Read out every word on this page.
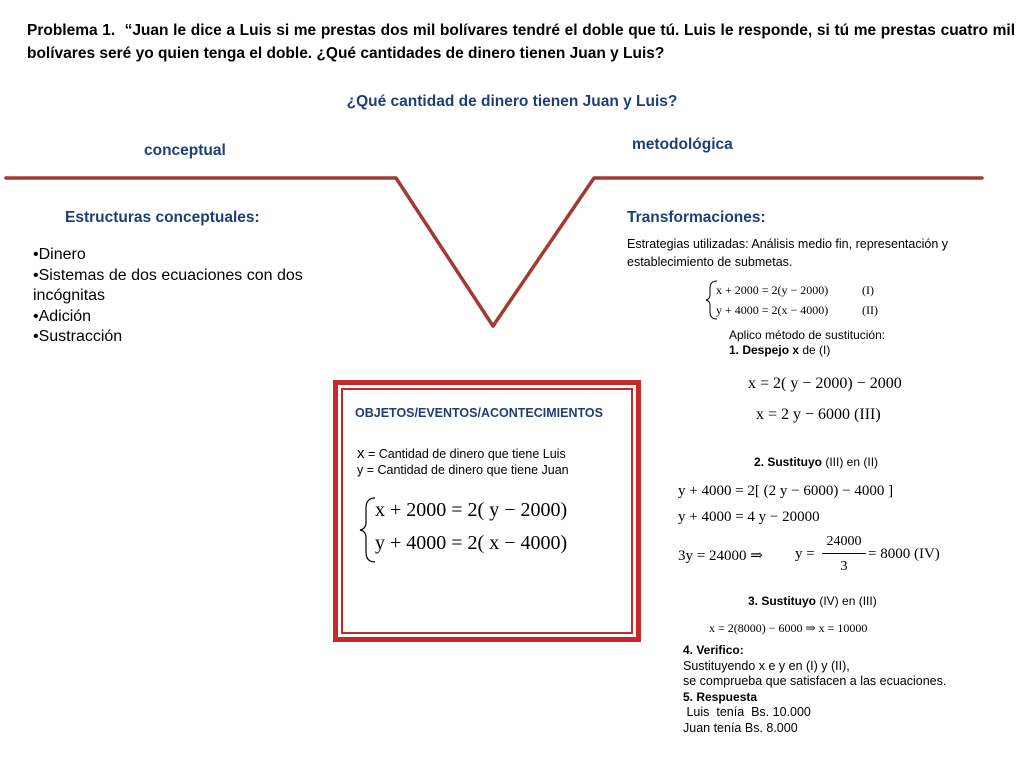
Problema 1. “Juan le dice a Luis si me prestas dos mil bolívares tendré el doble que tú. Luis le responde, si tú me prestas cuatro mil bolívares seré yo quien tenga el doble. ¿Qué cantidades de dinero tienen Juan y Luis?
¿Qué cantidad de dinero tienen Juan y Luis?
conceptual	metodológica
Estructuras conceptuales:
•Dinero
•Sistemas de dos ecuaciones con dos incógnitas
•Adición
•Sustracción
Transformaciones:
Estrategias utilizadas: Análisis medio fin, representación y establecimiento de submetas.
x + 2000 = 2(y − 2000)	(I)
y + 4000 = 2(x − 4000)	(II)
Aplico método de sustitución:
1. Despejo x de (I)
x = 2( y − 2000) − 2000
x = 2 y − 6000 (III)
2. Sustituyo (III) en (II)
y + 4000 = 2[ (2 y − 6000) − 4000 ]
y + 4000 = 4 y − 20000
3y = 24000 ⇒ y =
24000
3
= 8000 (IV)
3. Sustituyo (IV) en (III)
x = 2(8000) − 6000 ⇒ x = 10000
4. Verifico:
Sustituyendo x e y en (I) y (II),
se comprueba que satisfacen a las ecuaciones.
5. Respuesta
Luis  tenía  Bs. 10.000
Juan tenía Bs. 8.000
OBJETOS/EVENTOS/ACONTECIMIENTOS
x = Cantidad de dinero que tiene Luis
y = Cantidad de dinero que tiene Juan
x + 2000 = 2( y − 2000)
y + 4000 = 2( x − 4000)
